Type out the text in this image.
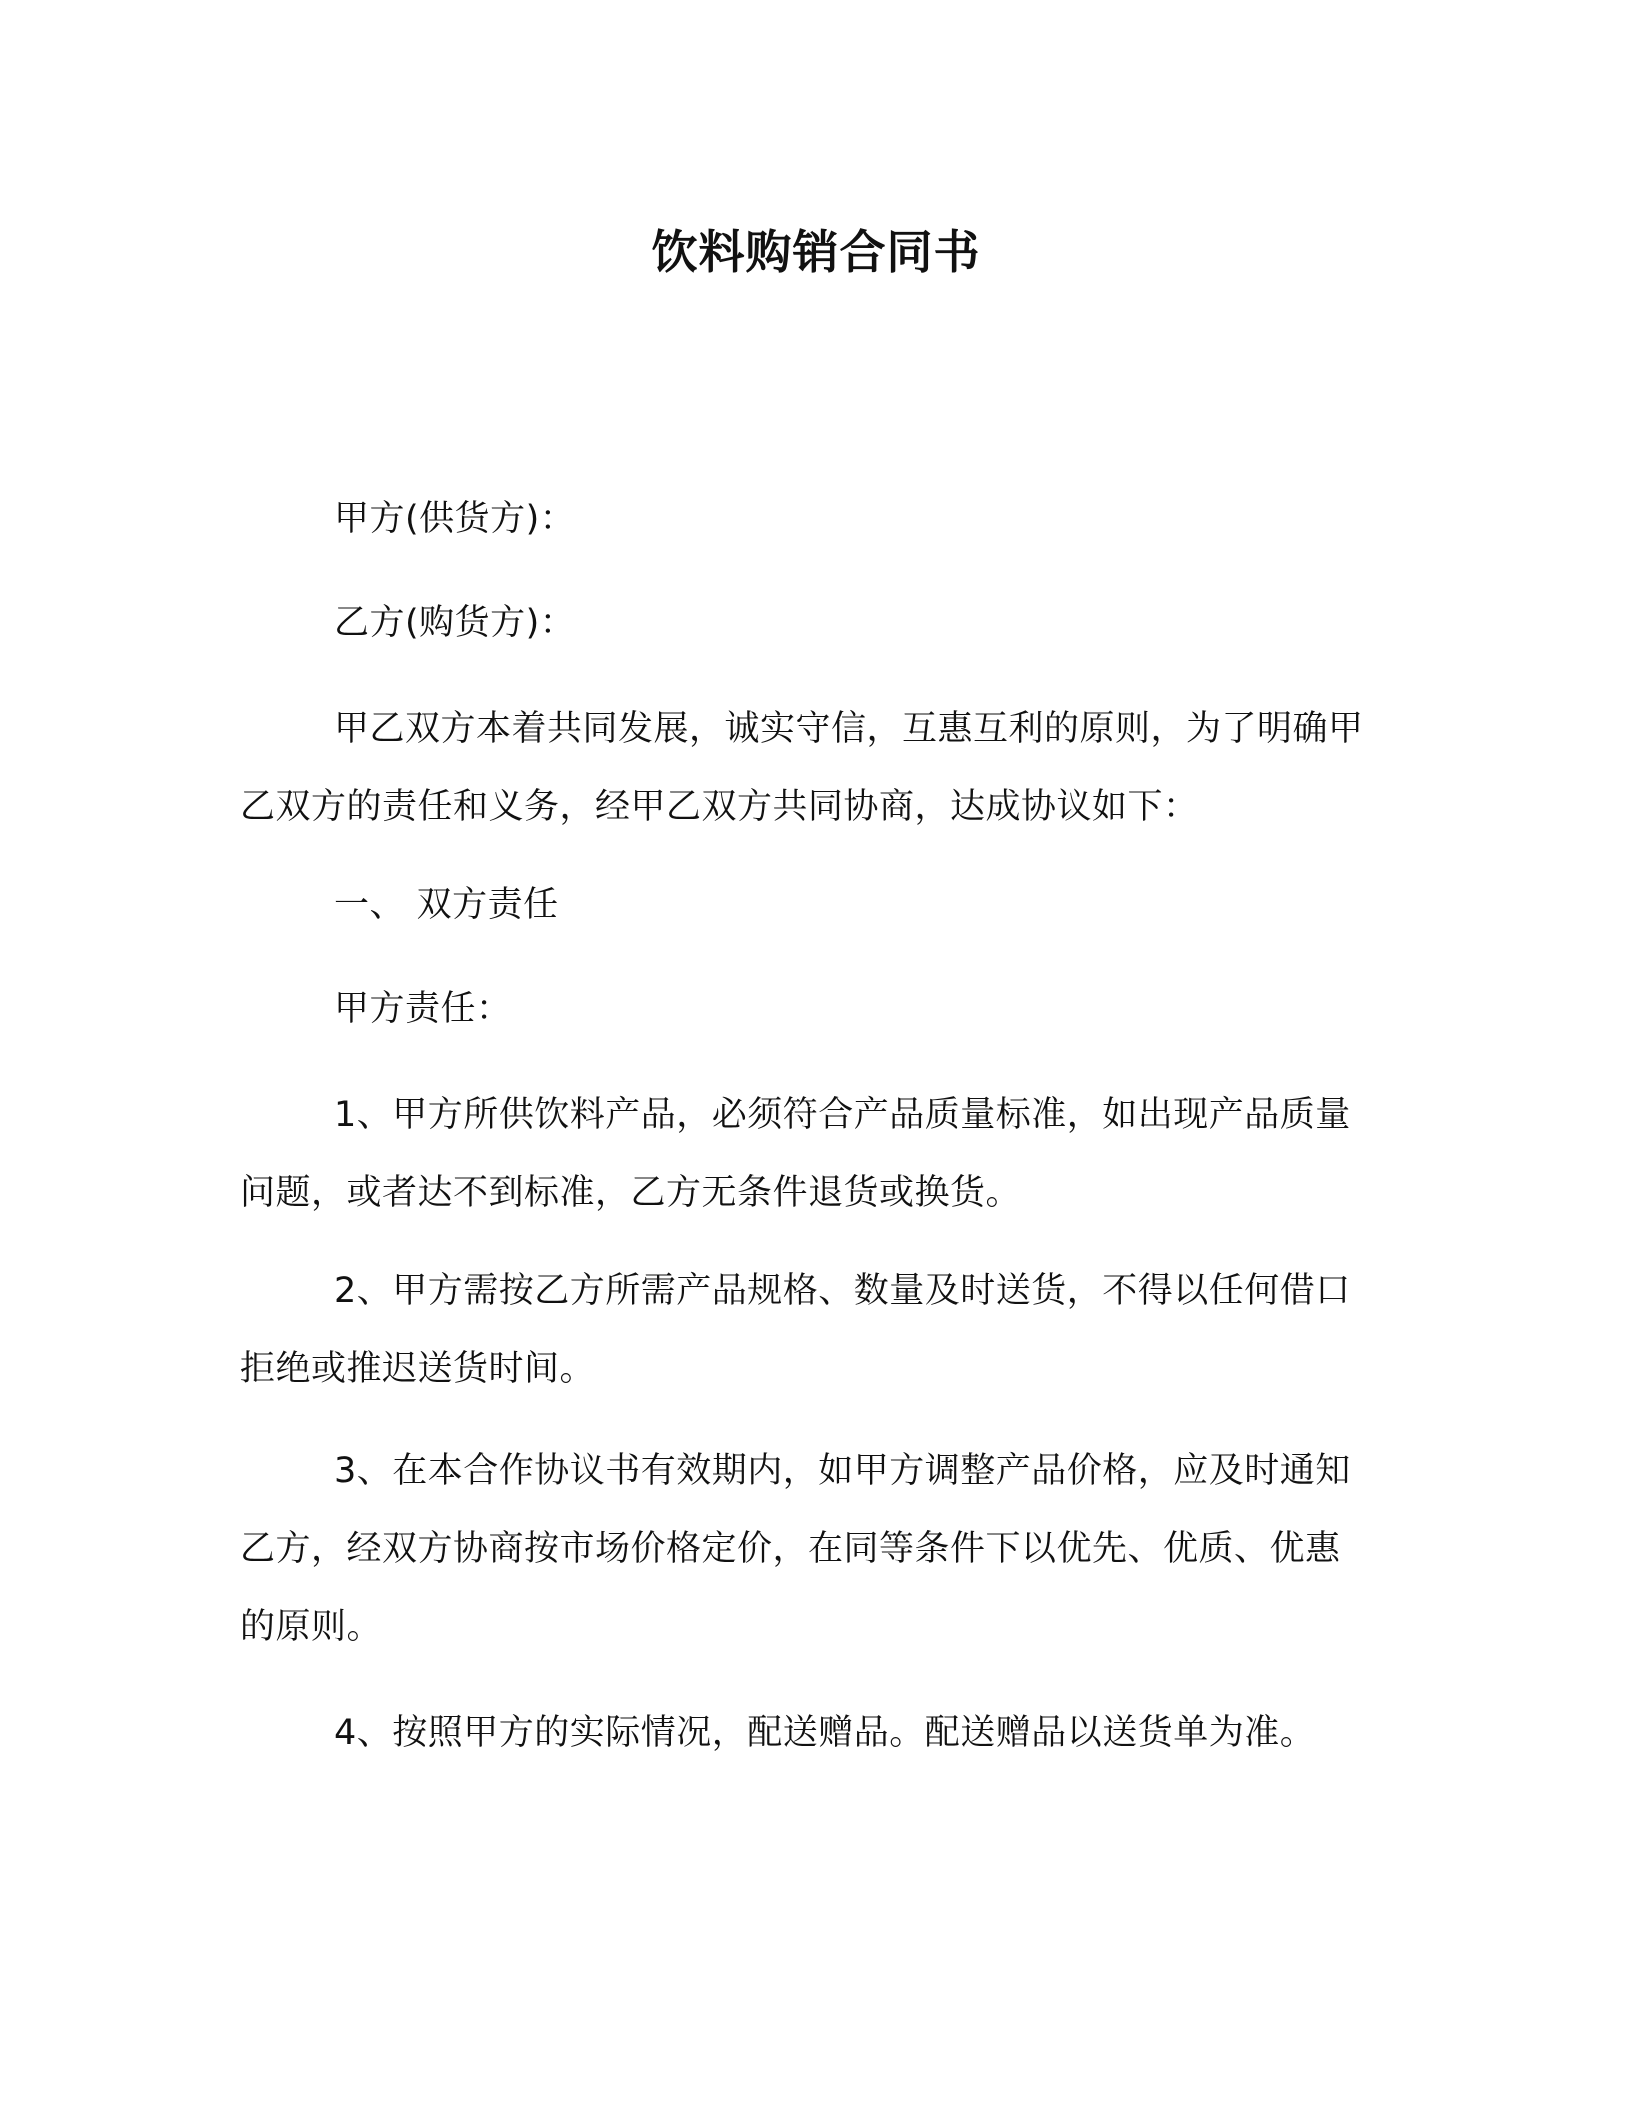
饮料购销合同书

甲方(供货方)：

乙方(购货方)：

甲乙双方本着共同发展，诚实守信，互惠互利的原则，为了明确甲乙双方的责任和义务，经甲乙双方共同协商，达成协议如下：

一、 双方责任

甲方责任：

1、甲方所供饮料产品，必须符合产品质量标准，如出现产品质量问题，或者达不到标准，乙方无条件退货或换货。

2、甲方需按乙方所需产品规格、数量及时送货，不得以任何借口拒绝或推迟送货时间。

3、在本合作协议书有效期内，如甲方调整产品价格，应及时通知乙方，经双方协商按市场价格定价，在同等条件下以优先、优质、优惠的原则。

4、按照甲方的实际情况，配送赠品。配送赠品以送货单为准。
